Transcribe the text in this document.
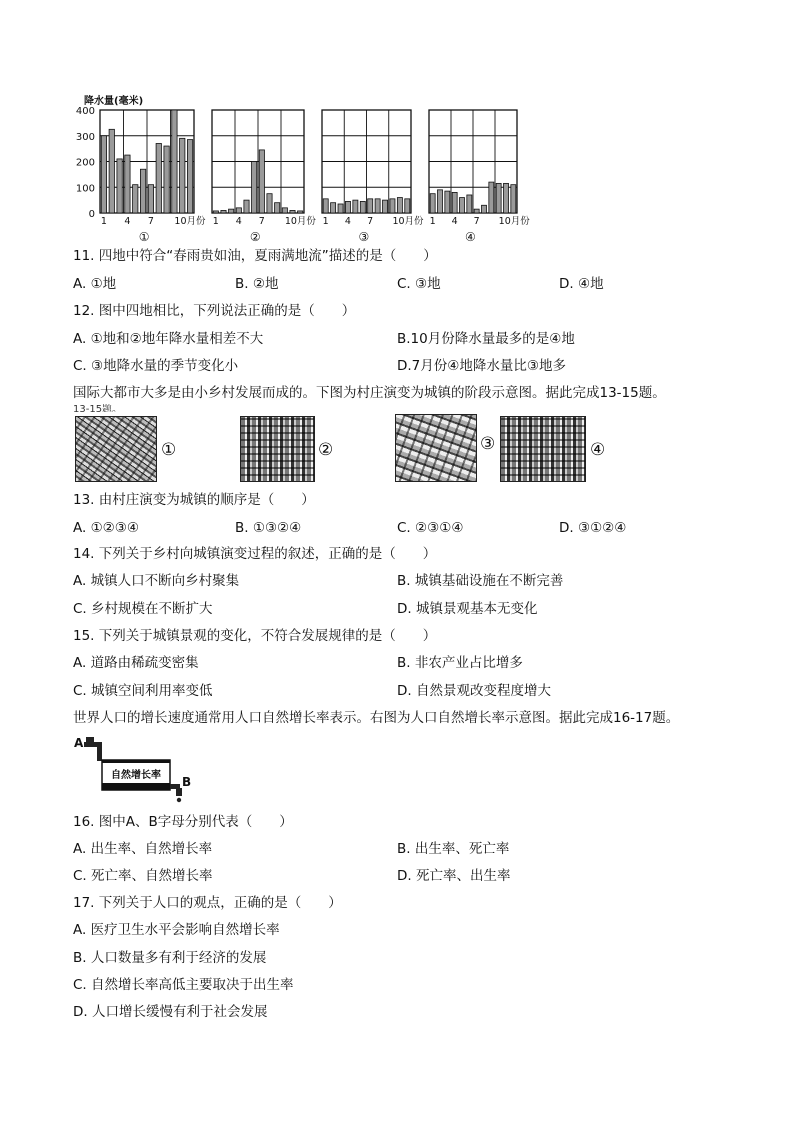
降水量(毫米)
400
300
200
100
0
1 4 7 10月份
①
1 4 7 10月份
②
1 4 7 10月份
③
1 4 7 10月份
④
11. 四地中符合“春雨贵如油，夏雨满地流”描述的是（　　）
A. ①地	B. ②地	C. ③地	D. ④地
12. 图中四地相比，下列说法正确的是（　　）
A. ①地和②地年降水量相差不大	B.10月份降水量最多的是④地
C. ③地降水量的季节变化小	D.7月份④地降水量比③地多
国际大都市大多是由小乡村发展而成的。下图为村庄演变为城镇的阶段示意图。据此完成13-15题。
13-15题。
①	②	③	④
13. 由村庄演变为城镇的顺序是（　　）
A. ①②③④	B. ①③②④	C. ②③①④	D. ③①②④
14. 下列关于乡村向城镇演变过程的叙述，正确的是（　　）
A. 城镇人口不断向乡村聚集	B. 城镇基础设施在不断完善
C. 乡村规模在不断扩大	D. 城镇景观基本无变化
15. 下列关于城镇景观的变化，不符合发展规律的是（　　）
A. 道路由稀疏变密集	B. 非农产业占比增多
C. 城镇空间利用率变低	D. 自然景观改变程度增大
世界人口的增长速度通常用人口自然增长率表示。右图为人口自然增长率示意图。据此完成16-17题。
A
自然增长率 B
16. 图中A、B字母分别代表（　　）
A. 出生率、自然增长率	B. 出生率、死亡率
C. 死亡率、自然增长率	D. 死亡率、出生率
17. 下列关于人口的观点，正确的是（　　）
A. 医疗卫生水平会影响自然增长率
B. 人口数量多有利于经济的发展
C. 自然增长率高低主要取决于出生率
D. 人口增长缓慢有利于社会发展
